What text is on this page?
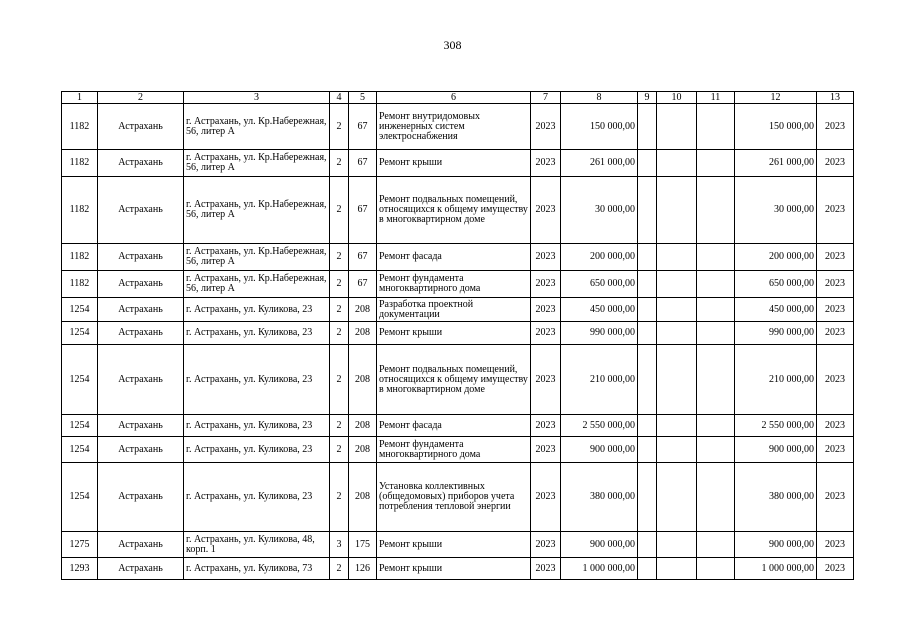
308
1	2	3	4	5	6	7	8	9	10	11	12	13
1182	Астрахань	г. Астрахань, ул. Кр.Набережная, 56, литер А	2	67	Ремонт внутридомовых инженерных систем электроснабжения	2023	150 000,00				150 000,00	2023
1182	Астрахань	г. Астрахань, ул. Кр.Набережная, 56, литер А	2	67	Ремонт крыши	2023	261 000,00				261 000,00	2023
1182	Астрахань	г. Астрахань, ул. Кр.Набережная, 56, литер А	2	67	Ремонт подвальных помещений, относящихся к общему имуществу в многоквартирном доме	2023	30 000,00				30 000,00	2023
1182	Астрахань	г. Астрахань, ул. Кр.Набережная, 56, литер А	2	67	Ремонт фасада	2023	200 000,00				200 000,00	2023
1182	Астрахань	г. Астрахань, ул. Кр.Набережная, 56, литер А	2	67	Ремонт фундамента многоквартирного дома	2023	650 000,00				650 000,00	2023
1254	Астрахань	г. Астрахань, ул. Куликова, 23	2	208	Разработка проектной документации	2023	450 000,00				450 000,00	2023
1254	Астрахань	г. Астрахань, ул. Куликова, 23	2	208	Ремонт крыши	2023	990 000,00				990 000,00	2023
1254	Астрахань	г. Астрахань, ул. Куликова, 23	2	208	Ремонт подвальных помещений, относящихся к общему имуществу в многоквартирном доме	2023	210 000,00				210 000,00	2023
1254	Астрахань	г. Астрахань, ул. Куликова, 23	2	208	Ремонт фасада	2023	2 550 000,00				2 550 000,00	2023
1254	Астрахань	г. Астрахань, ул. Куликова, 23	2	208	Ремонт фундамента многоквартирного дома	2023	900 000,00				900 000,00	2023
1254	Астрахань	г. Астрахань, ул. Куликова, 23	2	208	Установка коллективных (общедомовых) приборов учета потребления тепловой энергии	2023	380 000,00				380 000,00	2023
1275	Астрахань	г. Астрахань, ул. Куликова, 48, корп. 1	3	175	Ремонт крыши	2023	900 000,00				900 000,00	2023
1293	Астрахань	г. Астрахань, ул. Куликова, 73	2	126	Ремонт крыши	2023	1 000 000,00				1 000 000,00	2023
